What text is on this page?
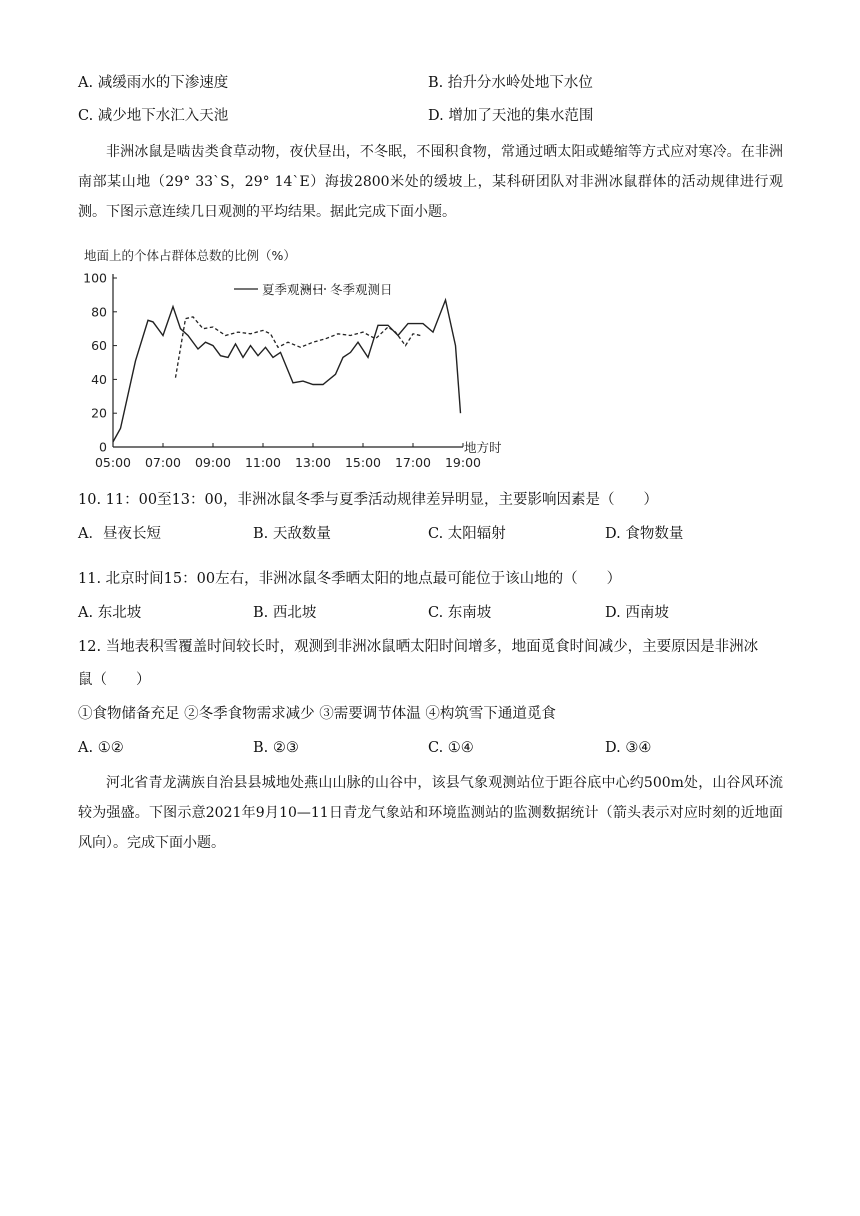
A. 减缓雨水的下渗速度	B. 抬升分水岭处地下水位
C. 减少地下水汇入天池	D. 增加了天池的集水范围
非洲冰鼠是啮齿类食草动物，夜伏昼出，不冬眠，不囤积食物，常通过晒太阳或蜷缩等方式应对寒冷。在非洲南部某山地（29° 33`S，29° 14`E）海拔2800米处的缓坡上，某科研团队对非洲冰鼠群体的活动规律进行观测。下图示意连续几日观测的平均结果。据此完成下面小题。
地面上的个体占群体总数的比例（%）
0
20
40
60
80
100
05:00 07:00 09:00 11:00 13:00 15:00 17:00 19:00
地方时
夏季观测日 冬季观测日
10. 11：00至13：00，非洲冰鼠冬季与夏季活动规律差异明显，主要影响因素是（　　）
A．昼夜长短	B. 天敌数量	C. 太阳辐射	D. 食物数量
11. 北京时间15：00左右，非洲冰鼠冬季晒太阳的地点最可能位于该山地的（　　）
A. 东北坡	B. 西北坡	C. 东南坡	D. 西南坡
12. 当地表积雪覆盖时间较长时，观测到非洲冰鼠晒太阳时间增多，地面觅食时间减少，主要原因是非洲冰
鼠（　　）
①食物储备充足 ②冬季食物需求减少 ③需要调节体温 ④构筑雪下通道觅食
A. ①②	B. ②③	C. ①④	D. ③④
河北省青龙满族自治县县城地处燕山山脉的山谷中，该县气象观测站位于距谷底中心约500m处，山谷风环流较为强盛。下图示意2021年9月10—11日青龙气象站和环境监测站的监测数据统计（箭头表示对应时刻的近地面风向）。完成下面小题。
